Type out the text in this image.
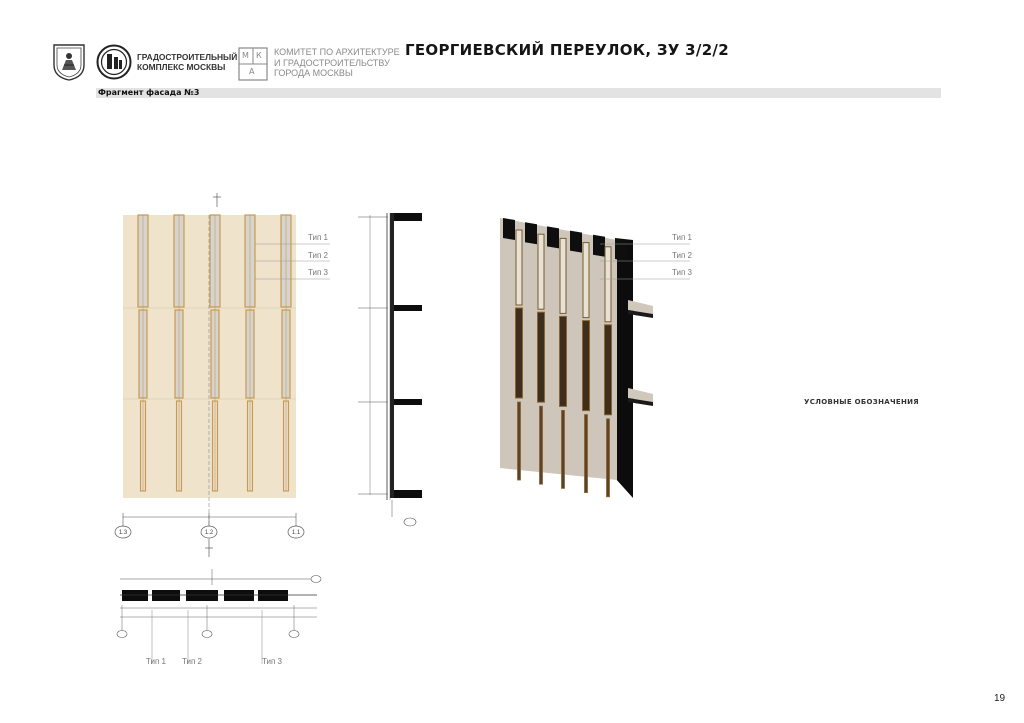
ГРАДОСТРОИТЕЛЬНЫЙ
КОМПЛЕКС МОСКВЫ
М К
А
КОМИТЕТ ПО АРХИТЕКТУРЕ
И ГРАДОСТРОИТЕЛЬСТВУ
ГОРОДА МОСКВЫ
ГЕОРГИЕВСКИЙ ПЕРЕУЛОК, ЗУ 3/2/2
Фрагмент фасада №3
1.3	1.2	1.1
Тип 1
Тип 2
Тип 3
Тип 1
Тип 2
Тип 3
УСЛОВНЫЕ ОБОЗНАЧЕНИЯ
Тип 1 Тип 2	Тип 3
19
